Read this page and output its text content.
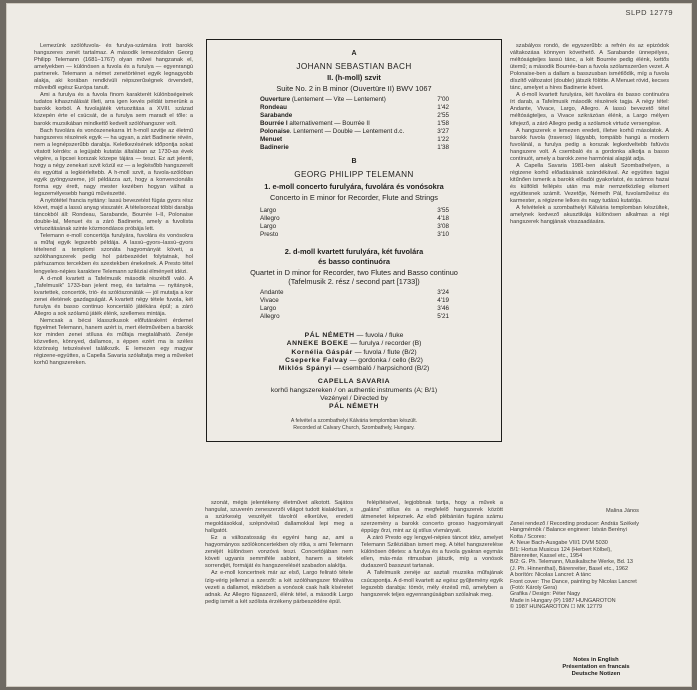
SLPD 12779

Lemezünk szólófuvola- és furulya-számára írott barokk hangszeres zenét tartalmaz. A második lemezoldalon Georg Philipp Telemann (1681–1767) olyan művei hangzanak el, amelyekben — különösen a fuvola és a furulya — egyenrangú partnerek. Telemann a német zenetörténet egyik legnagyobb alakja, aki korában rendkívüli népszerűségnek örvendett, műveiből egész Európa tanult.

Ami a furulya és a fuvola finom karakterét különbségeinek tudatos kihasználását illeti, arra igen kevés példát ismerünk a barokk korból. A fuvolajáték virtuozitása a XVIII. század közepén érte el csúcsát, de a furulya sem maradt el tőle: a barokk muzsikában mindkettő kedvelt szólóhangszer volt.

Bach fuvolára és vonószenekarra írt h-moll szvitje az életmű hangszeres részének egyik — ha ugyan, a zárt Badinerie révén, nem a legnépszerűbb darabja. Keletkezésének időpontja sokat vitatott kérdés: a legújabb kutatás általában az 1730-as évek végére, a lipcsei korszak közepe tájára — teszi. Ez azt jelenti, hogy a négy zenekari szvit közül ez — a legkésőbb hangszerelt és egyúttal a legkiérleltebb. A h-moll szvit, a fuvola-szólóban egyik gyöngyszeme, jól példázza azt, hogy a konvencionális forma egy érett, nagy mester kezében hogyan válhat a legszemélyesebb hangú művészetté.

A nyitótétel francia nyitány: lassú bevezetést fúgás gyors rész követ, majd a lassú anyag visszatér. A tételsorozat többi darabja táncokból áll: Rondeau, Sarabande, Bourrée I–II, Polonaise double-lal, Menuet és a záró Badinerie, amely a fuvolista virtuozitásának szinte közmondásos próbája lett.

Telemann e-moll concertója furulyára, fuvolára és vonósokra a műfaj egyik legszebb példája. A lassú–gyors–lassú–gyors tételrend a templomi szonáta hagyományát követi, a szólóhangszerek pedig hol párbeszédet folytatnak, hol párhuzamos tercekben és szextekben énekelnek. A Presto tétel lengyeles-népies karaktere Telemann sziléziai élményeit idézi.

A d-moll kvartett a Tafelmusik második részéből való. A „Tafelmusik” 1733-ban jelent meg, és tartalma — nyitányok, kvartettek, concertók, trió- és szólószonáták — jól mutatja a kor zenei életének gazdagságát. A kvartett négy tétele fuvola, két furulya és basso continuo koncertáló játékára épül; a záró Allegro a sok szólamú játék élénk, szellemes mintája.

Nemcsak a bécsi klasszikusok előfutáraként érdemel figyelmet Telemann, hanem azért is, mert életművében a barokk kor minden zenei stílusa és műfaja megtalálható. Zenéje közvetlen, könnyed, dallamos, s éppen ezért ma is széles közönség tetszésével találkozik. E lemezen egy magyar régizene-együttes, a Capella Savaria szólaltatja meg a műveket korhű hangszereken.

A
JOHANN SEBASTIAN BACH
II. (h-moll) szvit
Suite No. 2 in B minor (Ouvertüre II) BWV 1067
Ouverture (Lentement — Vite — Lentement)	7'00
Rondeau	1'42
Sarabande	2'55
Bourrée I alternativement — Bourrée II	1'58
Polonaise. Lentement — Double — Lentement d.c.	3'27
Menuet	1'22
Badinerie	1'38
B
GEORG PHILIPP TELEMANN
1. e-moll concerto furulyára, fuvolára és vonósokra
Concerto in E minor for Recorder, Flute and Strings
Largo	3'55
Allegro	4'18
Largo	3'08
Presto	3'10
2. d-moll kvartett furulyára, két fuvolára
és basso continuóra
Quartet in D minor for Recorder, two Flutes and Basso continuo
(Tafelmusik 2. rész / second part [1733])
Andante	3'24
Vivace	4'19
Largo	3'46
Allegro	5'21
PÁL NÉMETH — fuvola / fluke
ANNEKE BOEKE — furulya / recorder (B)
Kornélia Gáspár — fuvola / flute (B/2)
Cseperke Falvay — gordonka / cello (B/2)
Miklós Spányi — csembaló / harpsichord (B/2)
CAPELLA SAVARIA
korhű hangszereken / on authentic instruments (A; B/1)
Vezényel / Directed by
PÁL NÉMETH
A felvétel a szombathelyi Kálvária templomban készült.
Recorded at Calvary Church, Szombathely, Hungary.

szonát, mégis jelentékeny életművet alkotott. Sajátos hangulat, szuverén zeneszerzői világot tudott kialakítani, s a szürkeség veszélyét távolról elkerülve, eredeti megoldásokkal, szépnövésű dallamokkal lepi meg a hallgatót.

Ez a változatosság és egyéni hang az, ami a hagyományos szólókoncertekben oly ritka, s ami Telemann zenéjét különösen vonzóvá teszi. Concertójában nem követi ugyanis semmiféle sablont, hanem a tételek sorrendjét, formáját és hangszerelését szabadon alakítja.

Az e-moll koncertnek már az első, Largo felirató tétele ízig-vérig jellemzi a szerzőt: a két szólóhangszer fölváltva vezeti a dallamot, miközben a vonósok csak halk kíséretet adnak. Az Allegro fúgaszerű, élénk tétel, a második Largo pedig ismét a két szólista érzékeny párbeszédére épül.

felépítésével, legjobbnak tartja, hogy a művek a „galáns” stílus és a megfelelő hangszerek között átmenetet képeznek. Az első plébánián fugáns számu szerzemény a barokk concerto grosso hagyományait éppúgy őrzi, mint az új stílus vívmányait.

A záró Presto egy lengyel-népies táncot idéz, amelyet Telemann Sziléziában ismert meg. A tétel hangszerelése különösen ötletes: a furulya és a fuvola gyakran egymás ellen, más-más ritmusban játszik, míg a vonósok dudaszerű basszust tartanak.

A Tafelmusik zenéje az asztali muzsika műfajának csúcspontja. A d-moll kvartett az egész gyűjtemény egyik legszebb darabja: tömör, mély érzésű mű, amelyben a hangszerek teljes egyenrangúságban szólalnak meg.

szabályos rondó, de egyszerűbb: a refrén és az epizódok váltakozása könnyen követhető. A Sarabande ünnepélyes, méltóságteljes lassú tánc, a két Bourrée pedig élénk, kettős ütemű; a második Bourrée-ban a fuvola szólamszerűen vezet. A Polonaise-ben a dallam a basszusban ismétlődik, míg a fuvola díszítő változatot (double) játszik fölötte. A Menuet rövid, kecses tánc, amelyet a híres Badinerie követ.

A d-moll kvartett furulyára, két fuvolára és basso continuóra írt darab, a Tafelmusik második részének tagja. A négy tétel: Andante, Vivace, Largo, Allegro. A lassú bevezető tétel méltóságteljes, a Vivace szikrázóan élénk, a Largo mélyen kifejező, a záró Allegro pedig a szólamok virtuóz versengése.

A hangszerek e lemezen eredeti, illetve korhű másolatok. A barokk fuvola (traverso) lágyabb, tompább hangú a modern fuvolánál, a furulya pedig a korszak legkedveltebb fafúvós hangszere volt. A csembaló és a gordonka alkotja a basso continuót, amely a barokk zene harmóniai alapját adja.

A Capella Savaria 1981-ben alakult Szombathelyen, a régizene korhű előadásának szándékával. Az együttes tagjai kitűnően ismerik a barokk előadói gyakorlatot, és számos hazai és külföldi fellépés után ma már nemzetközileg elismert együttesnek számít. Vezetője, Németh Pál, fuvolaművész és karmester, a régizene lelkes és nagy tudású kutatója.

A felvételek a szombathelyi Kálvária templomban készültek, amelynek kedvező akusztikája különösen alkalmas a régi hangszerek hangjának visszaadására.

Malina János
Zenei rendező / Recording producer: András Székely
Hangmérnök / Balance engineer: István Berényi
Kotta / Scores:
A: Neue Bach-Ausgabe VII/1 DVM 5030
B/1: Hortus Musicus 124 (Herbert Kölbel),
Bärenreiter, Kassel etc., 1954
B/2: G. Ph. Telemann, Musikalische Werke, Bd. 13
(J. Ph. Hinnenthal), Bärenreiter, Basel etc., 1962
A borítón: Nicolas Lancret: A tánc
Front cover: The Dance, painting by Nicolas Lancret
(Fotó: Károly Gera)
Grafika / Design: Péter Nagy
Made in Hungary (P) 1987 HUNGAROTON
© 1987 HUNGAROTON ☐ MK 12779
Notes in English
Présentation en francais
Deutsche Notizen
